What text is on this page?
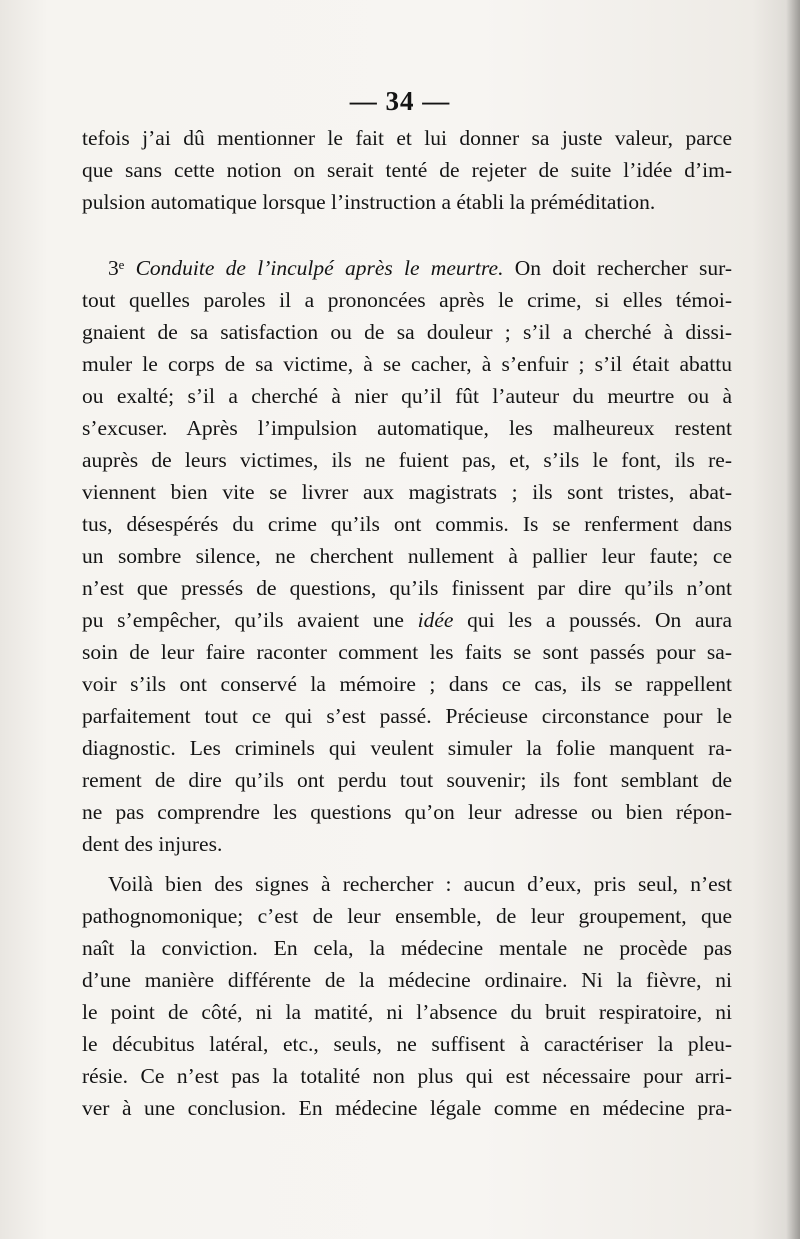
— 34 —
tefois j’ai dû mentionner le fait et lui donner sa juste valeur, parce
que sans cette notion on serait tenté de rejeter de suite l’idée d’im-
pulsion automatique lorsque l’instruction a établi la préméditation.
3ᵉ Conduite de l’inculpé après le meurtre. On doit rechercher sur-
tout quelles paroles il a prononcées après le crime, si elles témoi-
gnaient de sa satisfaction ou de sa douleur ; s’il a cherché à dissi-
muler le corps de sa victime, à se cacher, à s’enfuir ; s’il était abattu
ou exalté; s’il a cherché à nier qu’il fût l’auteur du meurtre ou à
s’excuser. Après l’impulsion automatique, les malheureux restent
auprès de leurs victimes, ils ne fuient pas, et, s’ils le font, ils re-
viennent bien vite se livrer aux magistrats ; ils sont tristes, abat-
tus, désespérés du crime qu’ils ont commis. Is se renferment dans
un sombre silence, ne cherchent nullement à pallier leur faute; ce
n’est que pressés de questions, qu’ils finissent par dire qu’ils n’ont
pu s’empêcher, qu’ils avaient une idée qui les a poussés. On aura
soin de leur faire raconter comment les faits se sont passés pour sa-
voir s’ils ont conservé la mémoire ; dans ce cas, ils se rappellent
parfaitement tout ce qui s’est passé. Précieuse circonstance pour le
diagnostic. Les criminels qui veulent simuler la folie manquent ra-
rement de dire qu’ils ont perdu tout souvenir; ils font semblant de
ne pas comprendre les questions qu’on leur adresse ou bien répon-
dent des injures.
Voilà bien des signes à rechercher : aucun d’eux, pris seul, n’est
pathognomonique; c’est de leur ensemble, de leur groupement, que
naît la conviction. En cela, la médecine mentale ne procède pas
d’une manière différente de la médecine ordinaire. Ni la fièvre, ni
le point de côté, ni la matité, ni l’absence du bruit respiratoire, ni
le décubitus latéral, etc., seuls, ne suffisent à caractériser la pleu-
résie. Ce n’est pas la totalité non plus qui est nécessaire pour arri-
ver à une conclusion. En médecine légale comme en médecine pra-
